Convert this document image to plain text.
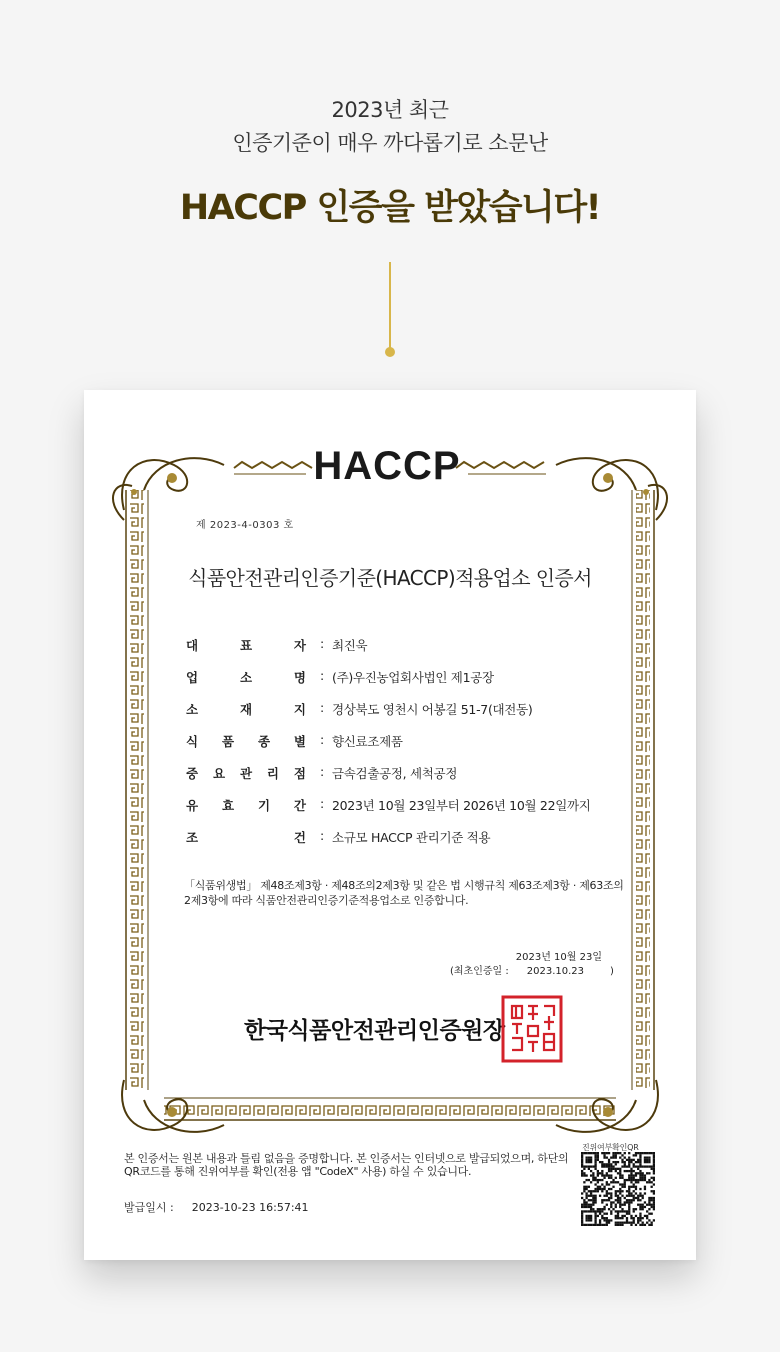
2023년 최근
인증기준이 매우 까다롭기로 소문난
HACCP 인증을 받았습니다!
HACCP
제 2023-4-0303 호
식품안전관리인증기준(HACCP)적용업소 인증서
대	표	자 : 최진욱
업	소	명 : (주)우진농업회사법인 제1공장
소	재	지 : 경상북도 영천시 어봉길 51-7(대전동)
식 품 종 별 : 향신료조제품
중 요 관 리 점 : 금속검출공정, 세척공정
유 효 기 간 : 2023년 10월 23일부터 2026년 10월 22일까지
조	건 : 소규모 HACCP 관리기준 적용
「식품위생법」 제48조제3항 · 제48조의2제3항 및 같은 법 시행규칙 제63조제3항 · 제63조의2제3항에 따라 식품안전관리인증기준적용업소로 인증합니다.
2023년 10월 23일
(최초인증일 : 2023.10.23	)
한국식품안전관리인증원장
본 인증서는 원본 내용과 틀림 없음을 증명합니다. 본 인증서는 인터넷으로 발급되었으며, 하단의 QR코드를 통해 진위여부를 확인(전용 앱 "CodeX" 사용) 하실 수 있습니다.
발급일시 : 2023-10-23 16:57:41
진위여부확인QR
